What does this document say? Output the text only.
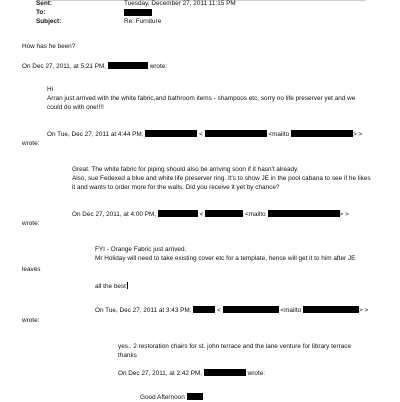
Sent:	Tuesday, December 27, 2011 11:15 PM
To:
Subject:	Re: Furniture
How has he been?
On Dec 27, 2011, at 5:21 PM,	wrote:
Hi
Arran just arrived with the white fabric,and bathroom items - shampoos etc, sorry no life preserver yet and we
could do with one!!!!
On Tue, Dec 27, 2011 at 4:44 PM,	<	<mailto	> >
wrote:
Great. The white fabric for piping should also be arriving soon if it hasn't already.
Also, sue Fedexed a blue and white life preserver ring. It's to show JE in the pool cabana to see if he likes
it and wants to order more for the walls. Did you receive it yet by chance?
On Dec 27, 2011, at 4:00 PM,	<	<mailto	> >
wrote:
FYI - Orange Fabric just arrived.
Mr Holiday will need to take existing cover etc for a template, hence will get it to him after JE
leaves
all the best
On Tue, Dec 27, 2011 at 3:43 PM,	<	<mailto	> >
wrote:
yes.. 2 restoration chairs for st. john terrace and the lane venture for library terrace
thanks
On Dec 27, 2011, at 2:42 PM,	wrote:
Good Afternoon
